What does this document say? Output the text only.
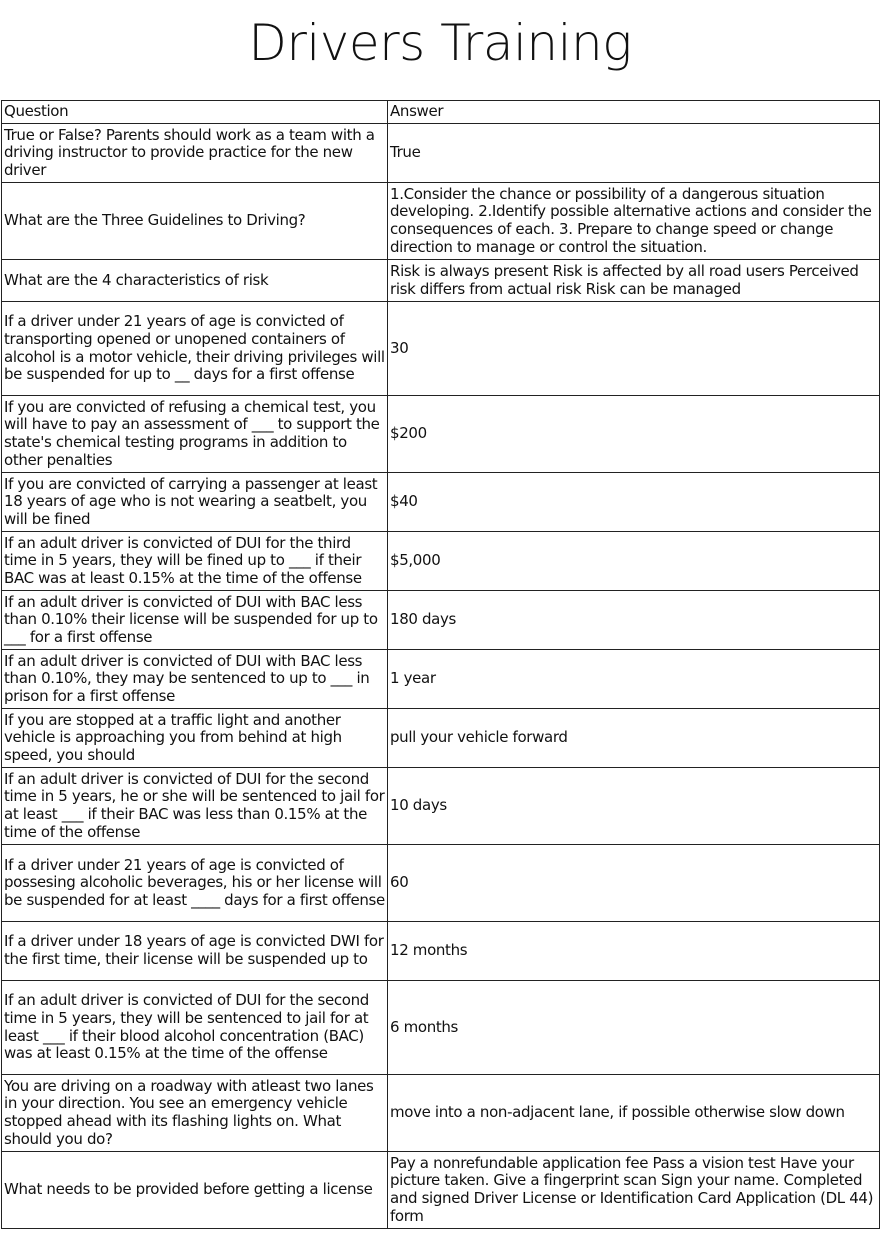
Drivers Training
Question	Answer
True or False? Parents should work as a team with a driving instructor to provide practice for the new driver	True
What are the Three Guidelines to Driving?	1.Consider the chance or possibility of a dangerous situation developing. 2.Identify possible alternative actions and consider the consequences of each. 3. Prepare to change speed or change direction to manage or control the situation.
What are the 4 characteristics of risk	Risk is always present Risk is affected by all road users Perceived risk differs from actual risk Risk can be managed
If a driver under 21 years of age is convicted of transporting opened or unopened containers of alcohol is a motor vehicle, their driving privileges will be suspended for up to __ days for a first offense	30
If you are convicted of refusing a chemical test, you will have to pay an assessment of ___ to support the state's chemical testing programs in addition to other penalties	$200
If you are convicted of carrying a passenger at least 18 years of age who is not wearing a seatbelt, you will be fined	$40
If an adult driver is convicted of DUI for the third time in 5 years, they will be fined up to ___ if their BAC was at least 0.15% at the time of the offense	$5,000
If an adult driver is convicted of DUI with BAC less than 0.10% their license will be suspended for up to ___ for a first offense	180 days
If an adult driver is convicted of DUI with BAC less than 0.10%, they may be sentenced to up to ___ in prison for a first offense	1 year
If you are stopped at a traffic light and another vehicle is approaching you from behind at high speed, you should	pull your vehicle forward
If an adult driver is convicted of DUI for the second time in 5 years, he or she will be sentenced to jail for at least ___ if their BAC was less than 0.15% at the time of the offense	10 days
If a driver under 21 years of age is convicted of possesing alcoholic beverages, his or her license will be suspended for at least ____ days for a first offense	60
If a driver under 18 years of age is convicted DWI for the first time, their license will be suspended up to	12 months
If an adult driver is convicted of DUI for the second time in 5 years, they will be sentenced to jail for at least ___ if their blood alcohol concentration (BAC) was at least 0.15% at the time of the offense	6 months
You are driving on a roadway with atleast two lanes in your direction. You see an emergency vehicle stopped ahead with its flashing lights on. What should you do?	move into a non-adjacent lane, if possible otherwise slow down
What needs to be provided before getting a license	Pay a nonrefundable application fee Pass a vision test Have your picture taken. Give a fingerprint scan Sign your name. Completed and signed Driver License or Identification Card Application (DL 44) form
